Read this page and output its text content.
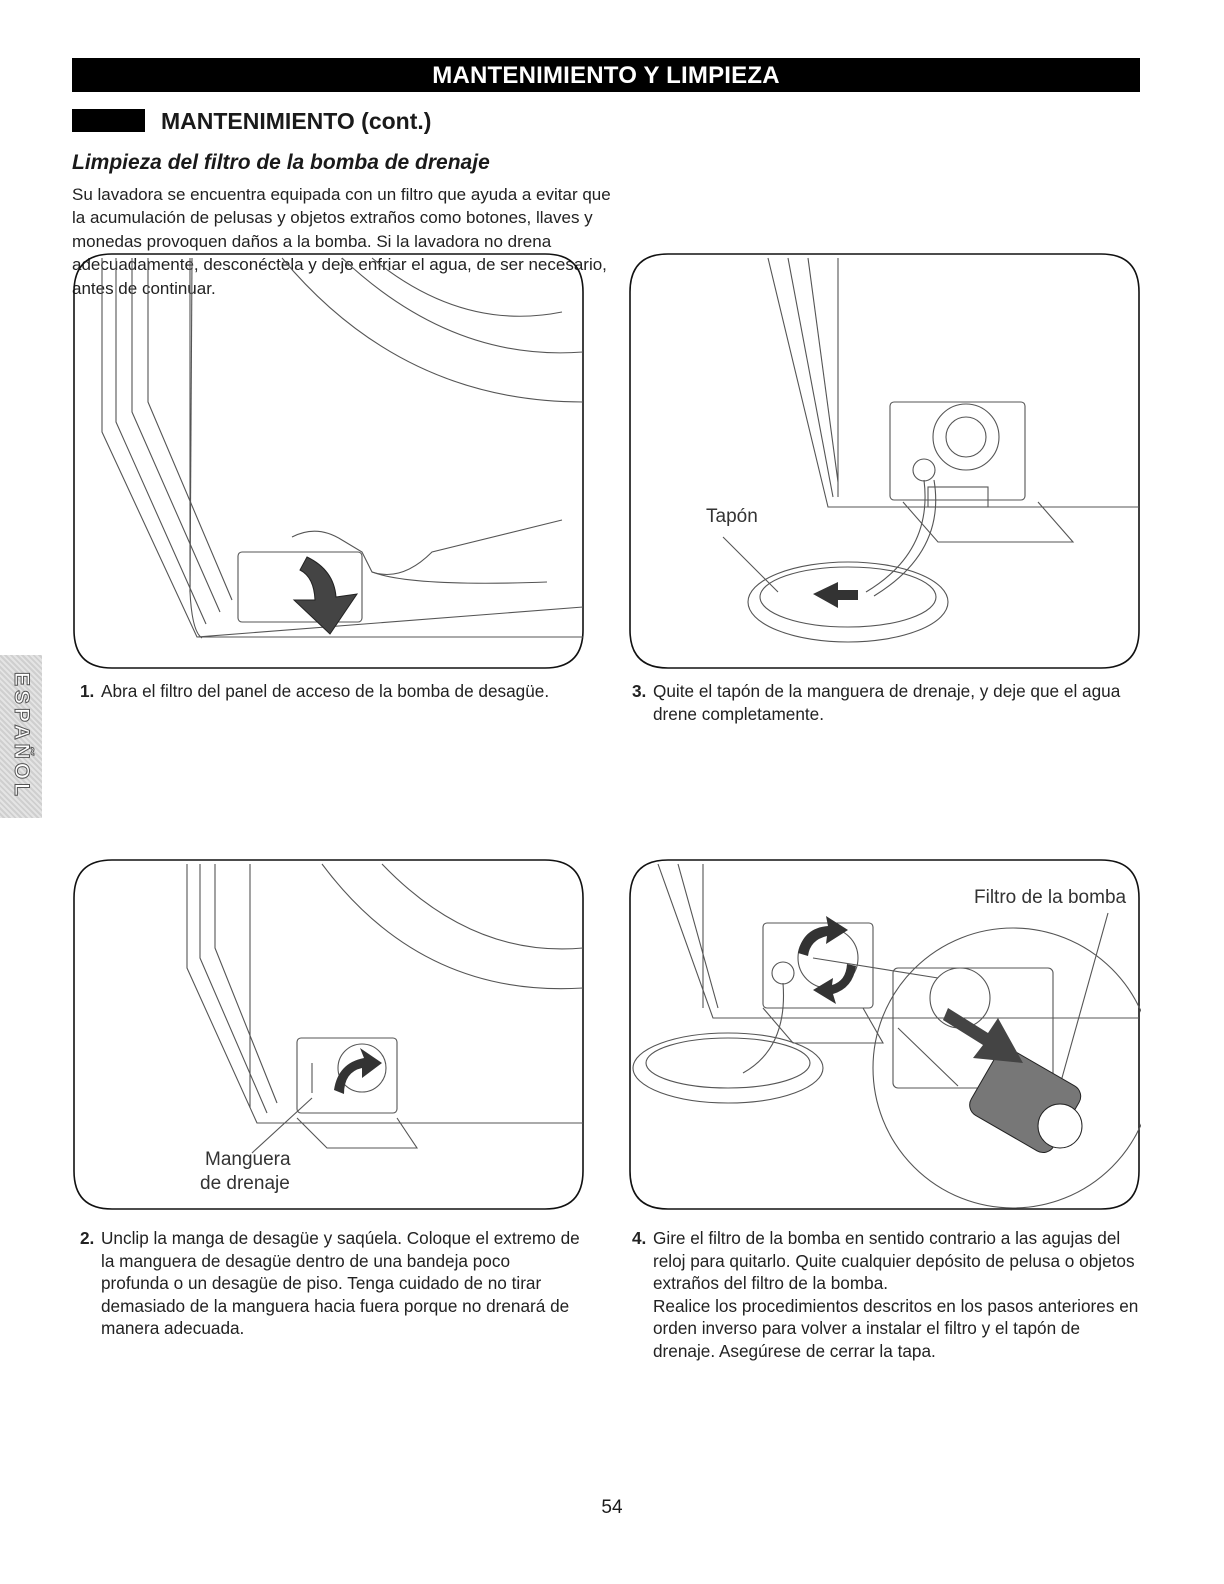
MANTENIMIENTO Y LIMPIEZA
MANTENIMIENTO (cont.)
Limpieza del filtro de la bomba de drenaje
Su lavadora se encuentra equipada con un filtro que ayuda a evitar que la acumulación de pelusas y objetos extraños como botones, llaves y monedas provoquen daños a la bomba. Si la lavadora no drena adecuadamente, desconéctela y deje enfriar el agua, de ser necesario, antes de continuar.
Tapón
Manguera
de drenaje
Filtro de la bomba
1. Abra el filtro del panel de acceso de la bomba de desagüe.	3. Quite el tapón de la manguera de drenaje, y deje que el agua drene completamente.
2. Unclip la manga de desagüe y saqúela. Coloque el extremo de la manguera de desagüe dentro de una bandeja poco profunda o un desagüe de piso. Tenga cuidado de no tirar demasiado de la manguera hacia fuera porque no drenará de manera adecuada.
4. Gire el filtro de la bomba en sentido contrario a las agujas del reloj para quitarlo. Quite cualquier depósito de pelusa o objetos extraños del filtro de la bomba.
Realice los procedimientos descritos en los pasos anteriores en orden inverso para volver a instalar el filtro y el tapón de drenaje. Asegúrese de cerrar la tapa.
ESPAÑOL
54
